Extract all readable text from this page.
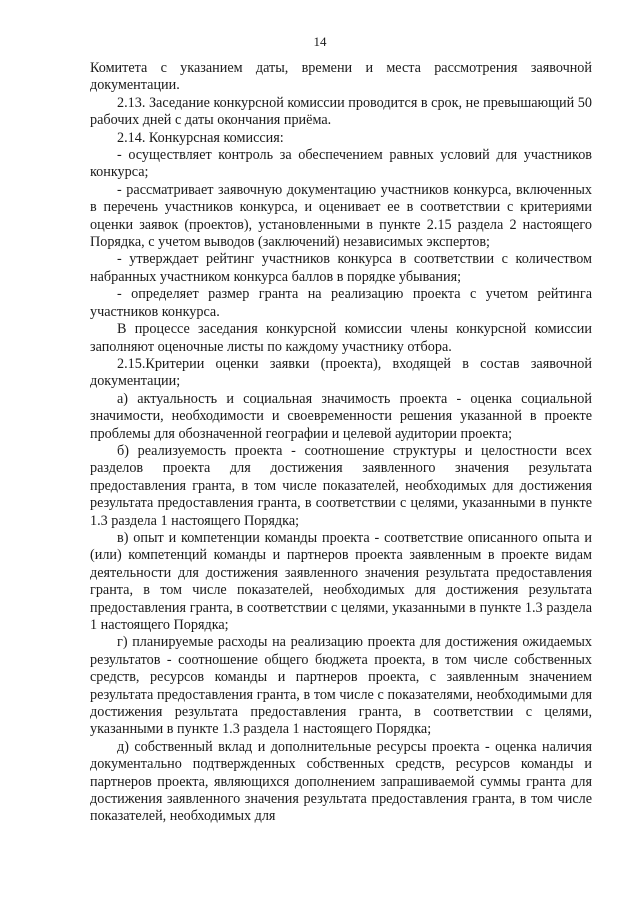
14

Комитета с указанием даты, времени и места рассмотрения заявочной документации.

2.13. Заседание конкурсной комиссии проводится в срок, не превышающий 50 рабочих дней с даты окончания приёма.

2.14. Конкурсная комиссия:

- осуществляет контроль за обеспечением равных условий для участников конкурса;

- рассматривает заявочную документацию участников конкурса, включенных в перечень участников конкурса, и оценивает ее в соответствии с критериями оценки заявок (проектов), установленными в пункте 2.15 раздела 2 настоящего Порядка, с учетом выводов (заключений) независимых экспертов;

- утверждает рейтинг участников конкурса в соответствии с количеством набранных участником конкурса баллов в порядке убывания;

- определяет размер гранта на реализацию проекта с учетом рейтинга участников конкурса.

В процессе заседания конкурсной комиссии члены конкурсной комиссии заполняют оценочные листы по каждому участнику отбора.

2.15.Критерии оценки заявки (проекта), входящей в состав заявочной документации;

а) актуальность и социальная значимость проекта - оценка социальной значимости, необходимости и своевременности решения указанной в проекте проблемы для обозначенной географии и целевой аудитории проекта;

б) реализуемость проекта - соотношение структуры и целостности всех разделов проекта для достижения заявленного значения результата предоставления гранта, в том числе показателей, необходимых для достижения результата предоставления гранта, в соответствии с целями, указанными в пункте 1.3 раздела 1 настоящего Порядка;

в) опыт и компетенции команды проекта - соответствие описанного опыта и (или) компетенций команды и партнеров проекта заявленным в проекте видам деятельности для достижения заявленного значения результата предоставления гранта, в том числе показателей, необходимых для достижения результата предоставления гранта, в соответствии с целями, указанными в пункте 1.3 раздела 1 настоящего Порядка;

г) планируемые расходы на реализацию проекта для достижения ожидаемых результатов - соотношение общего бюджета проекта, в том числе собственных средств, ресурсов команды и партнеров проекта, с заявленным значением результата предоставления гранта, в том числе с показателями, необходимыми для достижения результата предоставления гранта, в соответствии с целями, указанными в пункте 1.3 раздела 1 настоящего Порядка;

д) собственный вклад и дополнительные ресурсы проекта - оценка наличия документально подтвержденных собственных средств, ресурсов команды и партнеров проекта, являющихся дополнением запрашиваемой суммы гранта для достижения заявленного значения результата предоставления гранта, в том числе показателей, необходимых для
